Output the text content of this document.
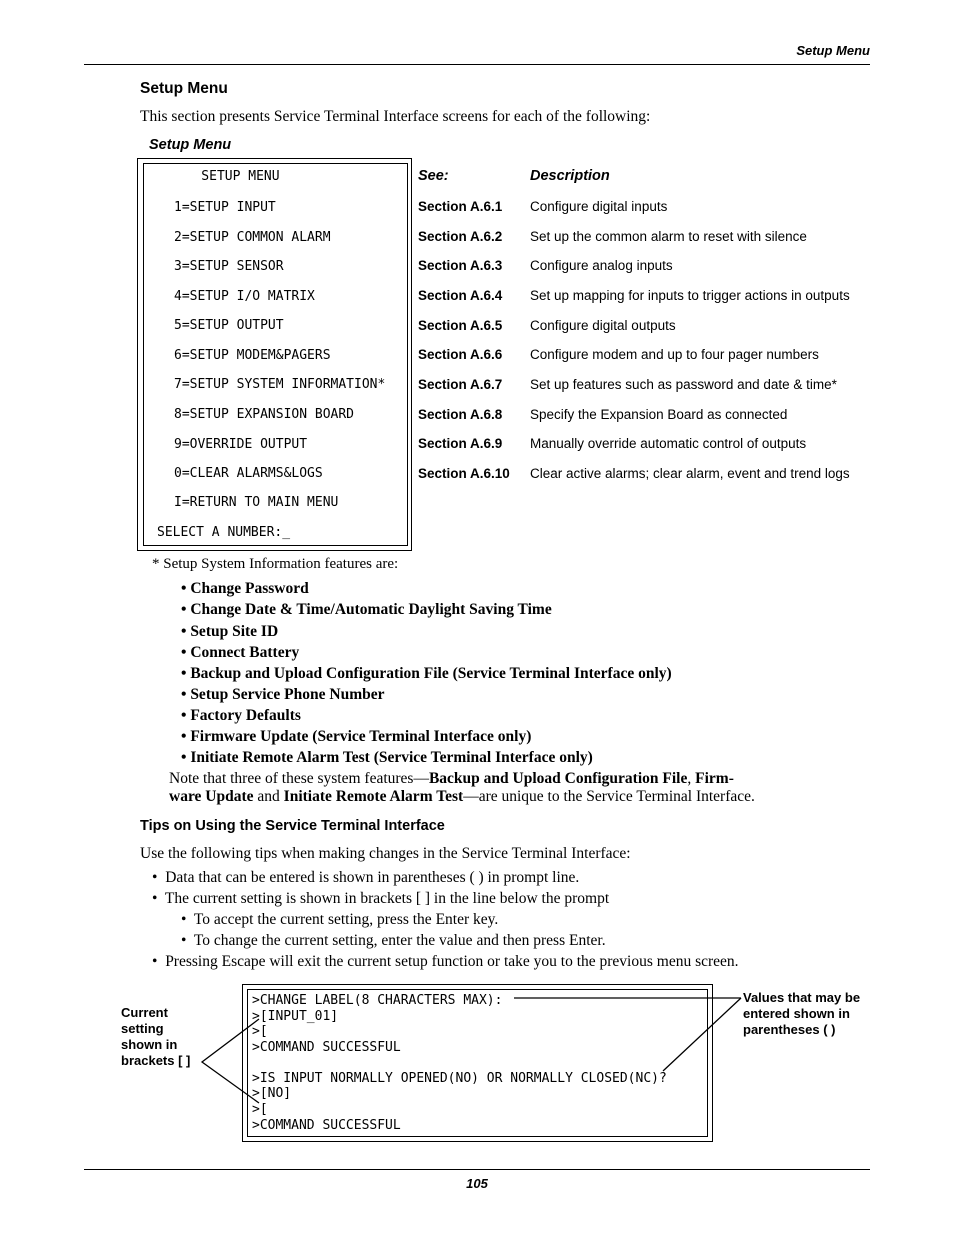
Setup Menu
Setup Menu
This section presents Service Terminal Interface screens for each of the following:
Setup Menu
SETUP MENU
1=SETUP INPUT
2=SETUP COMMON ALARM
3=SETUP SENSOR
4=SETUP I/O MATRIX
5=SETUP OUTPUT
6=SETUP MODEM&PAGERS
7=SETUP SYSTEM INFORMATION*
8=SETUP EXPANSION BOARD
9=OVERRIDE OUTPUT
0=CLEAR ALARMS&LOGS
I=RETURN TO MAIN MENU
SELECT A NUMBER:_
See:	Description
Section A.6.1
Section A.6.2
Section A.6.3
Section A.6.4
Section A.6.5
Section A.6.6
Section A.6.7
Section A.6.8
Section A.6.9
Section A.6.10
Configure digital inputs
Set up the common alarm to reset with silence
Configure analog inputs
Set up mapping for inputs to trigger actions in outputs
Configure digital outputs
Configure modem and up to four pager numbers
Set up features such as password and date & time*
Specify the Expansion Board as connected
Manually override automatic control of outputs
Clear active alarms; clear alarm, event and trend logs
* Setup System Information features are:
• Change Password
• Change Date & Time/Automatic Daylight Saving Time
• Setup Site ID
• Connect Battery
• Backup and Upload Configuration File (Service Terminal Interface only)
• Setup Service Phone Number
• Factory Defaults
• Firmware Update (Service Terminal Interface only)
• Initiate Remote Alarm Test (Service Terminal Interface only)
Note that three of these system features—Backup and Upload Configuration File, Firm-
ware Update and Initiate Remote Alarm Test—are unique to the Service Terminal Interface.
Tips on Using the Service Terminal Interface
Use the following tips when making changes in the Service Terminal Interface:
•  Data that can be entered is shown in parentheses ( ) in prompt line.
•  The current setting is shown in brackets [ ] in the line below the prompt
•  To accept the current setting, press the Enter key.
•  To change the current setting, enter the value and then press Enter.
•  Pressing Escape will exit the current setup function or take you to the previous menu screen.
>CHANGE LABEL(8 CHARACTERS MAX):
>[INPUT_01]
>[
>COMMAND SUCCESSFUL
>IS INPUT NORMALLY OPENED(NO) OR NORMALLY CLOSED(NC)?
>[NO]
>[
>COMMAND SUCCESSFUL
Current setting shown in brackets [ ]
Values that may be entered shown in parentheses ( )
105
